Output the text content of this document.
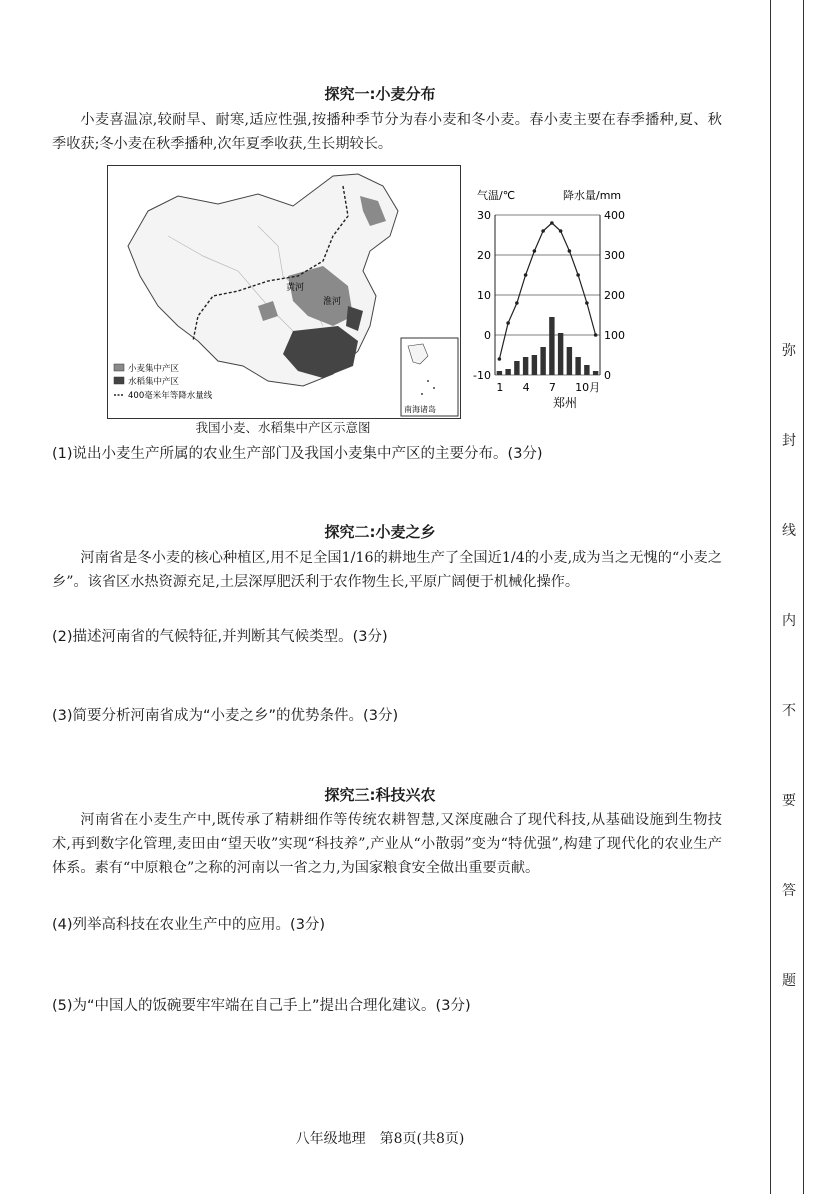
弥
封
线
内
不
要
答
题
探究一:小麦分布

小麦喜温凉,较耐旱、耐寒,适应性强,按播种季节分为春小麦和冬小麦。春小麦主要在春季播种,夏、秋季收获;冬小麦在秋季播种,次年夏季收获,生长期较长。

黄河
淮河
小麦集中产区
水稻集中产区
400毫米年等降水量线
南海诸岛
我国小麦、水稻集中产区示意图
30	400
20	300
10	200
0	100
-10	0
1 4 7 10月
气温/℃	降水量/mm
郑州

(1)说出小麦生产所属的农业生产部门及我国小麦集中产区的主要分布。(3分)

探究二:小麦之乡

河南省是冬小麦的核心种植区,用不足全国1/16的耕地生产了全国近1/4的小麦,成为当之无愧的“小麦之乡”。该省区水热资源充足,土层深厚肥沃利于农作物生长,平原广阔便于机械化操作。

(2)描述河南省的气候特征,并判断其气候类型。(3分)

(3)简要分析河南省成为“小麦之乡”的优势条件。(3分)

探究三:科技兴农

河南省在小麦生产中,既传承了精耕细作等传统农耕智慧,又深度融合了现代科技,从基础设施到生物技术,再到数字化管理,麦田由“望天收”实现“科技养”,产业从“小散弱”变为“特优强”,构建了现代化的农业生产体系。素有“中原粮仓”之称的河南以一省之力,为国家粮食安全做出重要贡献。

(4)列举高科技在农业生产中的应用。(3分)

(5)为“中国人的饭碗要牢牢端在自己手上”提出合理化建议。(3分)

八年级地理　第8页(共8页)
